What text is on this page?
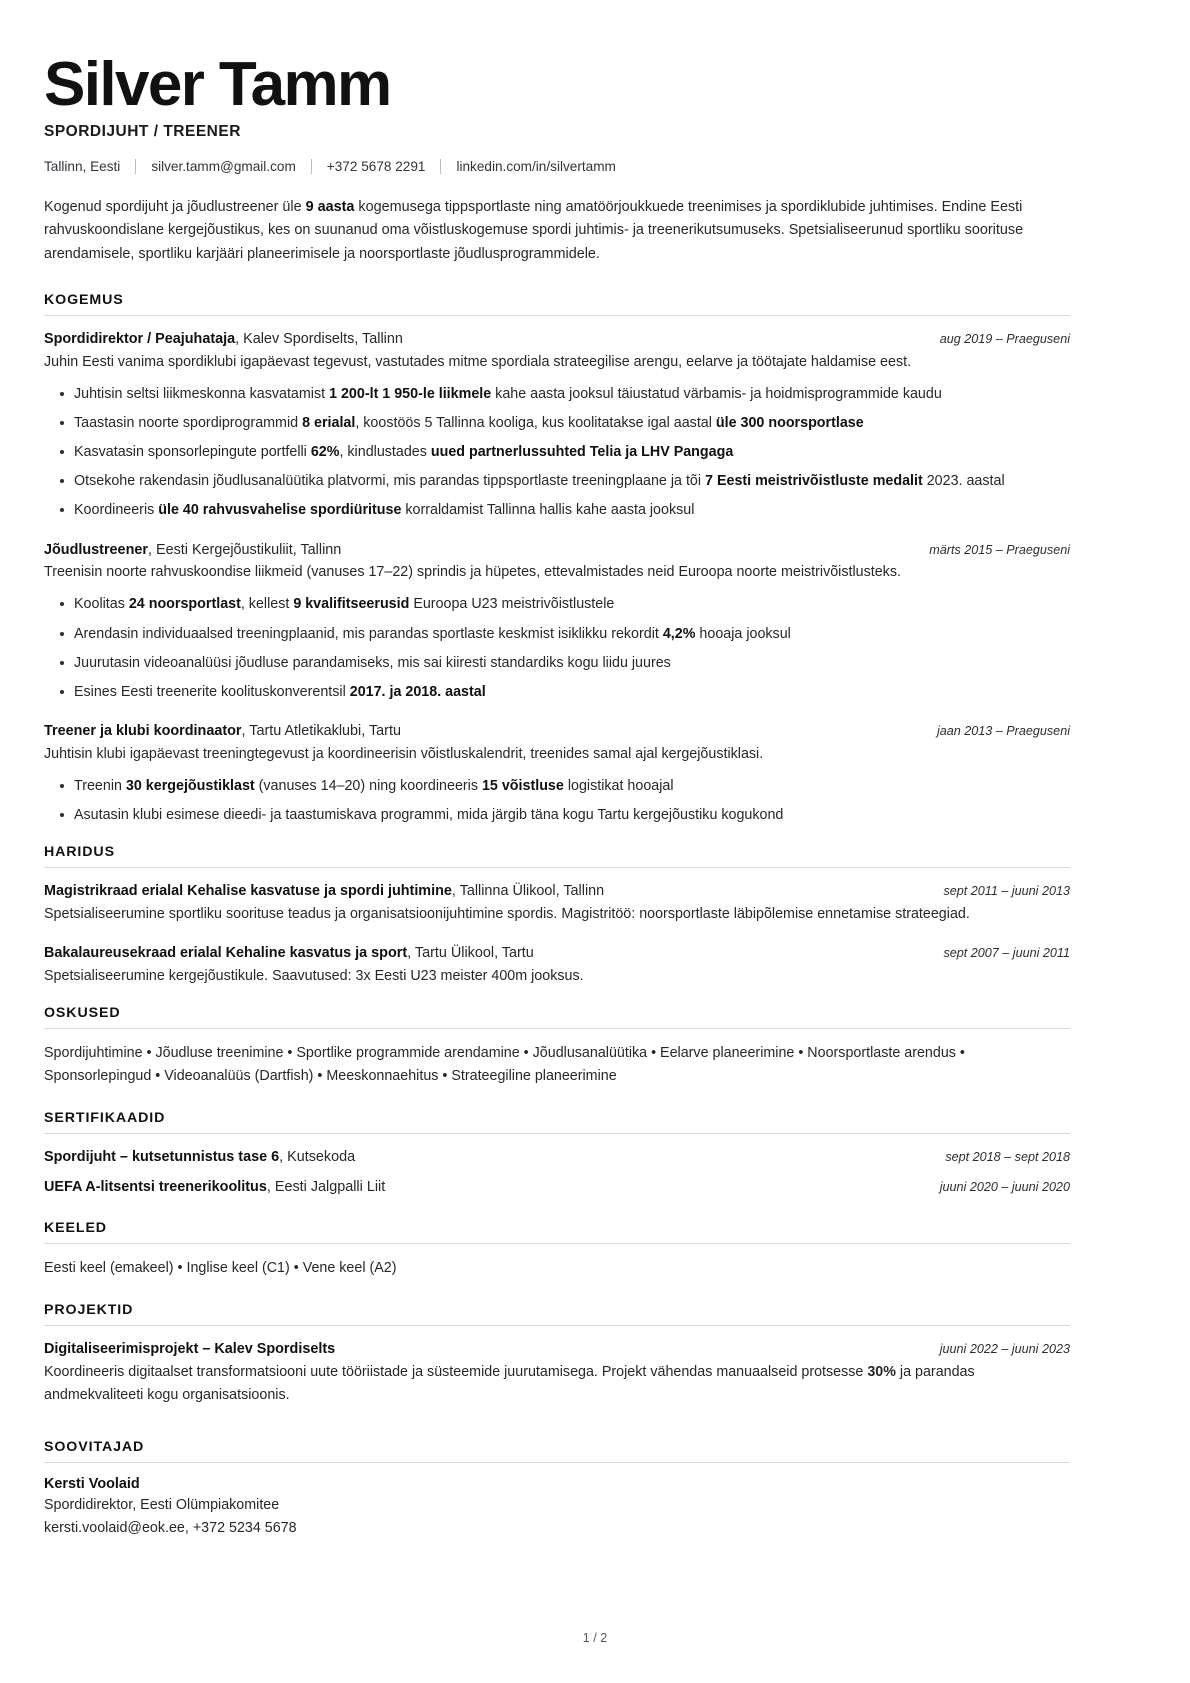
Silver Tamm
SPORDIJUHT / TREENER
Tallinn, Eesti silver.tamm@gmail.com +372 5678 2291 linkedin.com/in/silvertamm

Kogenud spordijuht ja jõudlustreener üle 9 aasta kogemusega tippsportlaste ning amatöörjoukkuede treenimises ja spordiklubide juhtimises. Endine Eesti rahvuskoondislane kergejõustikus, kes on suunanud oma võistluskogemuse spordi juhtimis- ja treenerikutsumuseks. Spetsialiseerunud sportliku soorituse arendamisele, sportliku karjääri planeerimisele ja noorsportlaste jõudlusprogrammidele.

KOGEMUS
Spordidirektor / Peajuhataja, Kalev Spordiselts, Tallinn	aug 2019 – Praeguseni

Juhin Eesti vanima spordiklubi igapäevast tegevust, vastutades mitme spordiala strateegilise arengu, eelarve ja töötajate haldamise eest.

Juhtisin seltsi liikmeskonna kasvatamist 1 200-lt 1 950-le liikmele kahe aasta jooksul täiustatud värbamis- ja hoidmisprogrammide kaudu
Taastasin noorte spordiprogrammid 8 erialal, koostöös 5 Tallinna kooliga, kus koolitatakse igal aastal üle 300 noorsportlase
Kasvatasin sponsorlepingute portfelli 62%, kindlustades uued partnerlussuhted Telia ja LHV Pangaga
Otsekohe rakendasin jõudlusanalüütika platvormi, mis parandas tippsportlaste treeningplaane ja tõi 7 Eesti meistrivõistluste medalit 2023. aastal
Koordineeris üle 40 rahvusvahelise spordiürituse korraldamist Tallinna hallis kahe aasta jooksul
Jõudlustreener, Eesti Kergejõustikuliit, Tallinn	märts 2015 – Praeguseni

Treenisin noorte rahvuskoondise liikmeid (vanuses 17–22) sprindis ja hüpetes, ettevalmistades neid Euroopa noorte meistrivõistlusteks.

Koolitas 24 noorsportlast, kellest 9 kvalifitseerusid Euroopa U23 meistrivõistlustele
Arendasin individuaalsed treeningplaanid, mis parandas sportlaste keskmist isiklikku rekordit 4,2% hooaja jooksul
Juurutasin videoanalüüsi jõudluse parandamiseks, mis sai kiiresti standardiks kogu liidu juures
Esines Eesti treenerite koolituskonverentsil 2017. ja 2018. aastal
Treener ja klubi koordinaator, Tartu Atletikaklubi, Tartu	jaan 2013 – Praeguseni

Juhtisin klubi igapäevast treeningtegevust ja koordineerisin võistluskalendrit, treenides samal ajal kergejõustiklasi.

Treenin 30 kergejõustiklast (vanuses 14–20) ning koordineeris 15 võistluse logistikat hooajal
Asutasin klubi esimese dieedi- ja taastumiskava programmi, mida järgib täna kogu Tartu kergejõustiku kogukond
HARIDUS
Magistrikraad erialal Kehalise kasvatuse ja spordi juhtimine, Tallinna Ülikool, Tallinn	sept 2011 – juuni 2013

Spetsialiseerumine sportliku soorituse teadus ja organisatsioonijuhtimine spordis. Magistritöö: noorsportlaste läbipõlemise ennetamise strateegiad.

Bakalaureusekraad erialal Kehaline kasvatus ja sport, Tartu Ülikool, Tartu	sept 2007 – juuni 2011

Spetsialiseerumine kergejõustikule. Saavutused: 3x Eesti U23 meister 400m jooksus.

OSKUSED

Spordijuhtimine • Jõudluse treenimine • Sportlike programmide arendamine • Jõudlusanalüütika • Eelarve planeerimine • Noorsportlaste arendus • Sponsorlepingud • Videoanalüüs (Dartfish) • Meeskonnaehitus • Strateegiline planeerimine

SERTIFIKAADID
Spordijuht – kutsetunnistus tase 6, Kutsekoda	sept 2018 – sept 2018
UEFA A-litsentsi treenerikoolitus, Eesti Jalgpalli Liit	juuni 2020 – juuni 2020
KEELED

Eesti keel (emakeel) • Inglise keel (C1) • Vene keel (A2)

PROJEKTID
Digitaliseerimisprojekt – Kalev Spordiselts	juuni 2022 – juuni 2023

Koordineeris digitaalset transformatsiooni uute tööriistade ja süsteemide juurutamisega. Projekt vähendas manuaalseid protsesse 30% ja parandas andmekvaliteeti kogu organisatsioonis.

SOOVITAJAD
Kersti Voolaid

Spordidirektor, Eesti Olümpiakomitee

kersti.voolaid@eok.ee, +372 5234 5678

1 / 2
